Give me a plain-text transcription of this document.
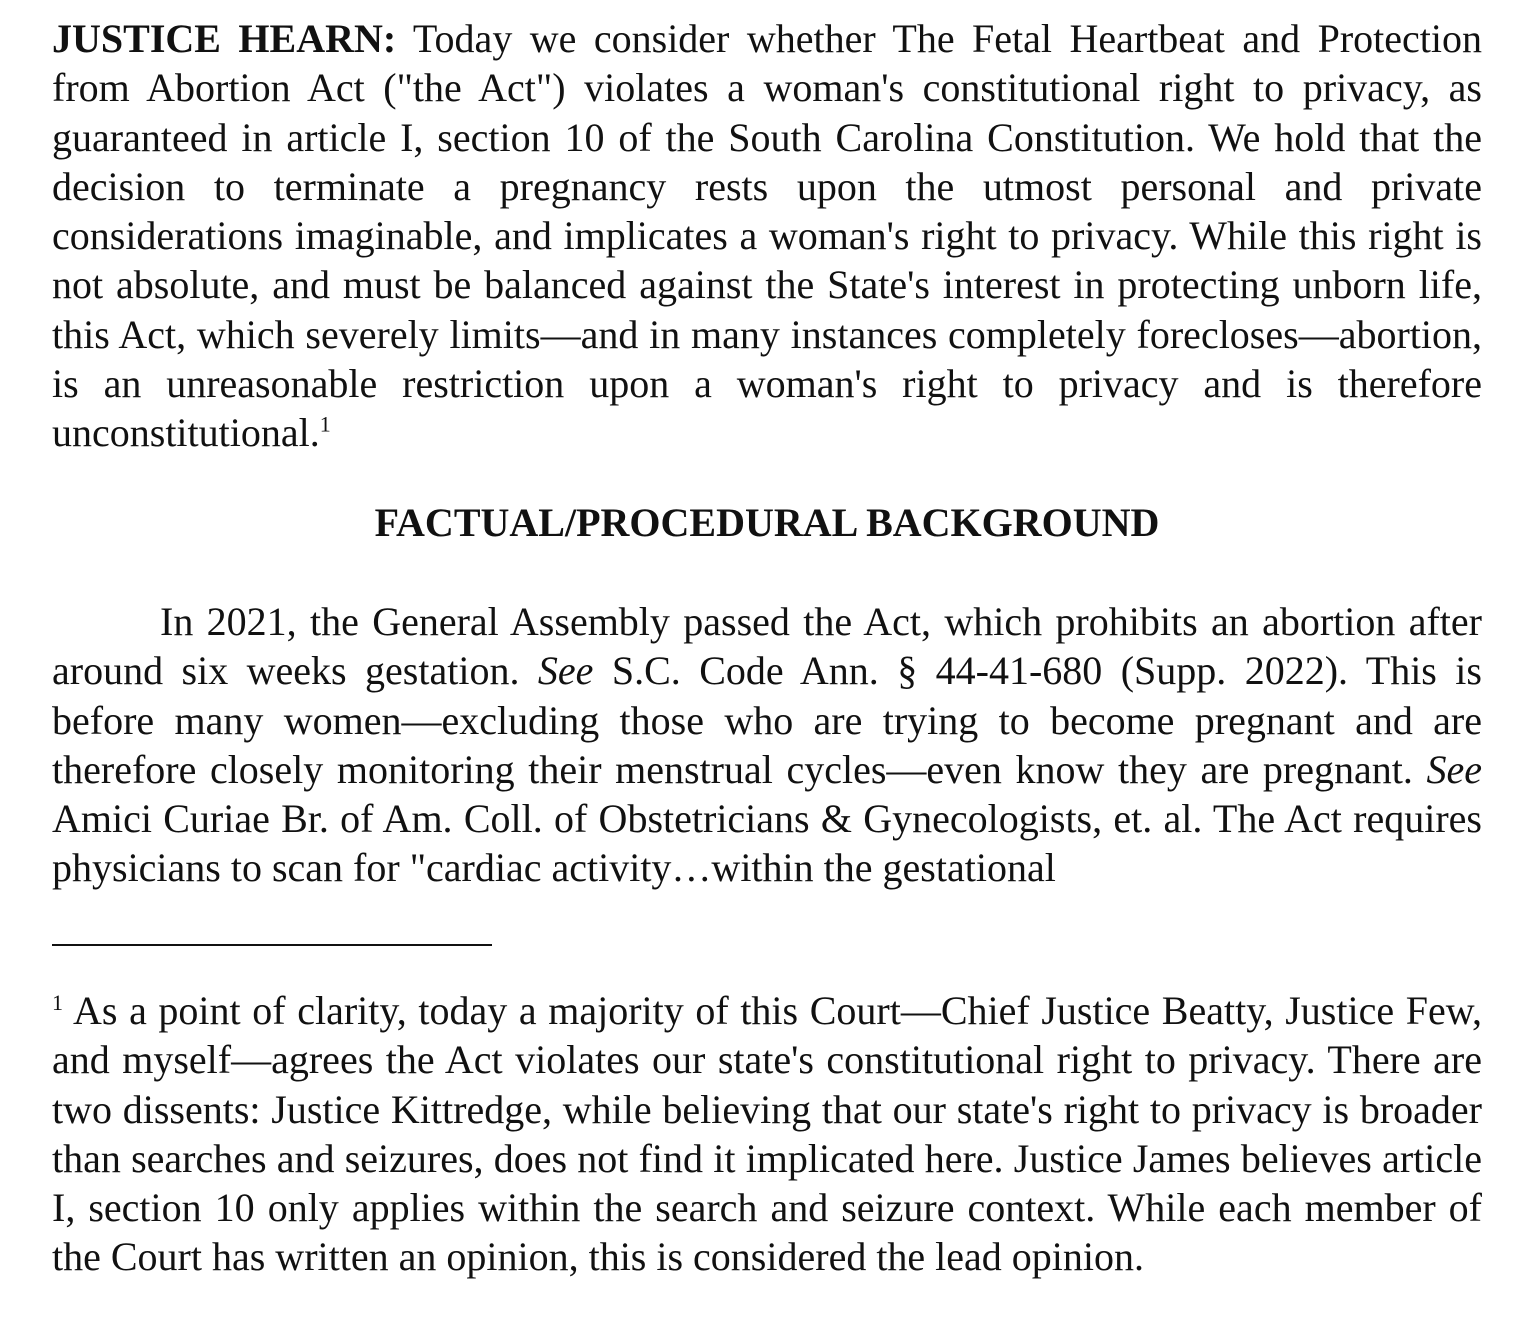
JUSTICE HEARN: Today we consider whether The Fetal Heartbeat and Protection from Abortion Act ("the Act") violates a woman's constitutional right to privacy, as guaranteed in article I, section 10 of the South Carolina Constitution. We hold that the decision to terminate a pregnancy rests upon the utmost personal and private considerations imaginable, and implicates a woman's right to privacy. While this right is not absolute, and must be balanced against the State's interest in protecting unborn life, this Act, which severely limits—and in many instances completely forecloses—abortion, is an unreasonable restriction upon a woman's right to privacy and is therefore unconstitutional.$^1$

FACTUAL/PROCEDURAL BACKGROUND

In 2021, the General Assembly passed the Act, which prohibits an abortion after around six weeks gestation. See S.C. Code Ann. § 44-41-680 (Supp. 2022). This is before many women—excluding those who are trying to become pregnant and are therefore closely monitoring their menstrual cycles—even know they are pregnant. See Amici Curiae Br. of Am. Coll. of Obstetricians & Gynecologists, et. al. The Act requires physicians to scan for "cardiac activity…within the gestational

$^1$ As a point of clarity, today a majority of this Court—Chief Justice Beatty, Justice Few, and myself—agrees the Act violates our state's constitutional right to privacy. There are two dissents: Justice Kittredge, while believing that our state's right to privacy is broader than searches and seizures, does not find it implicated here. Justice James believes article I, section 10 only applies within the search and seizure context. While each member of the Court has written an opinion, this is considered the lead opinion.
